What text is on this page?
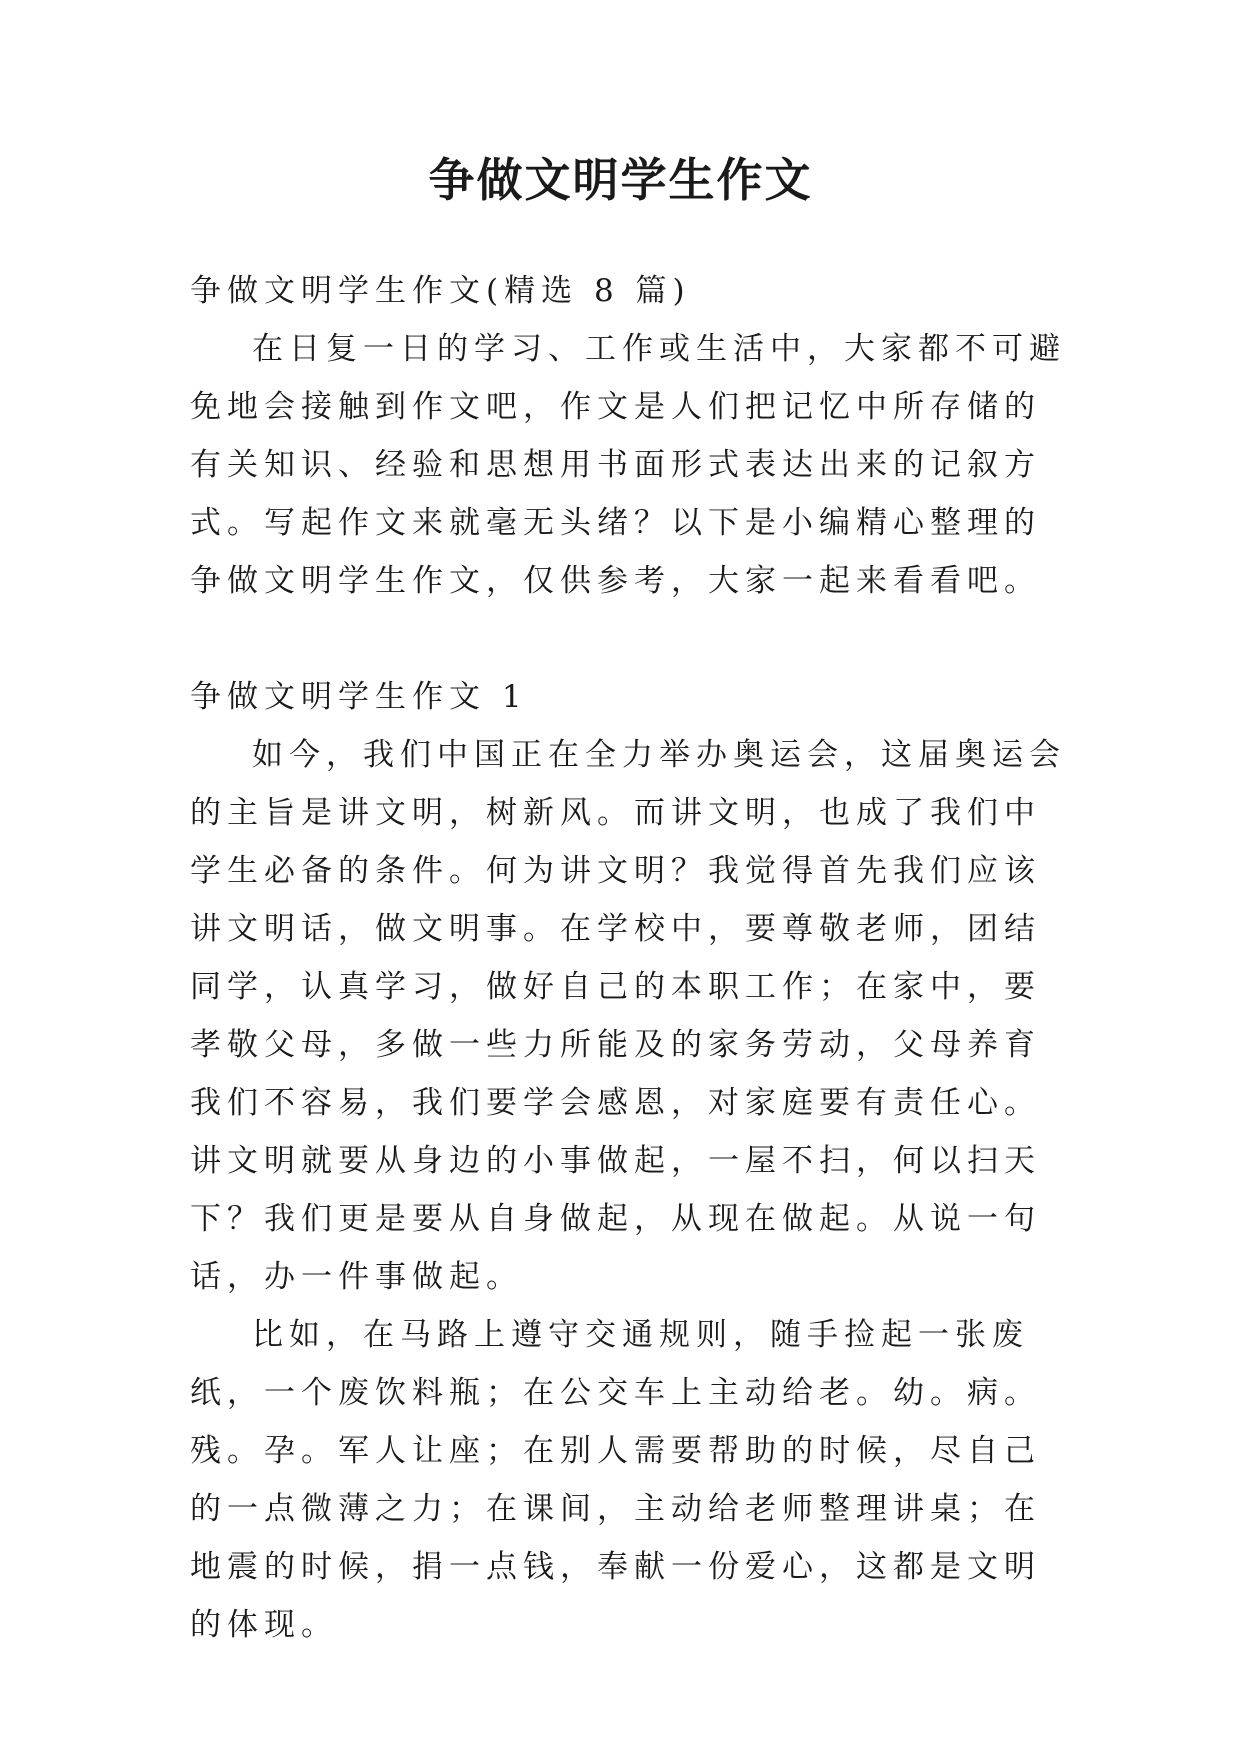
争做文明学生作文

争做文明学生作文(精选 8 篇)

在日复一日的学习、工作或生活中，大家都不可避免地会接触到作文吧，作文是人们把记忆中所存储的有关知识、经验和思想用书面形式表达出来的记叙方式。写起作文来就毫无头绪？以下是小编精心整理的争做文明学生作文，仅供参考，大家一起来看看吧。

争做文明学生作文 1

如今，我们中国正在全力举办奥运会，这届奥运会的主旨是讲文明，树新风。而讲文明，也成了我们中学生必备的条件。何为讲文明？我觉得首先我们应该讲文明话，做文明事。在学校中，要尊敬老师，团结同学，认真学习，做好自己的本职工作；在家中，要孝敬父母，多做一些力所能及的家务劳动，父母养育我们不容易，我们要学会感恩，对家庭要有责任心。讲文明就要从身边的小事做起，一屋不扫，何以扫天下？我们更是要从自身做起，从现在做起。从说一句话，办一件事做起。

比如，在马路上遵守交通规则，随手捡起一张废纸，一个废饮料瓶；在公交车上主动给老。幼。病。残。孕。军人让座；在别人需要帮助的时候，尽自己的一点微薄之力；在课间，主动给老师整理讲桌；在地震的时候，捐一点钱，奉献一份爱心，这都是文明的体现。
